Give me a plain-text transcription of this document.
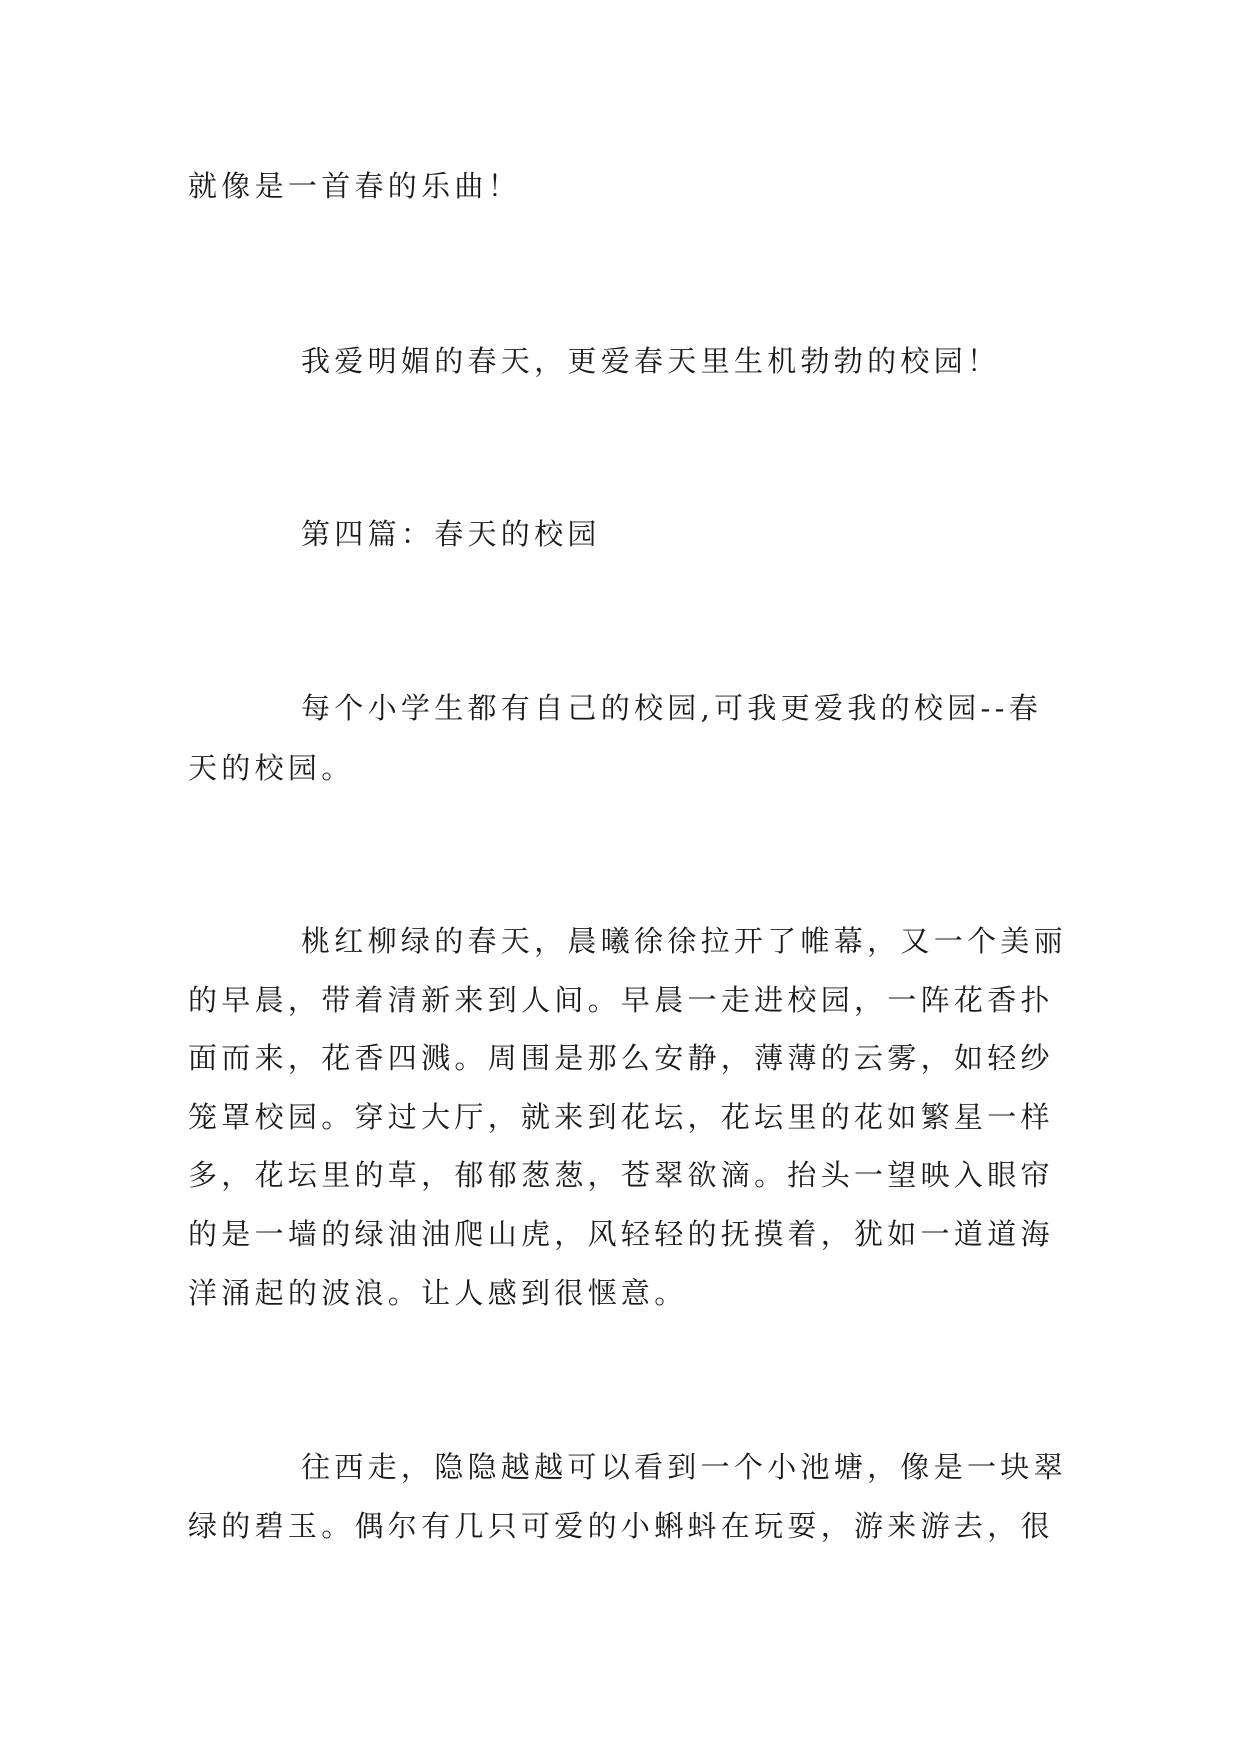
就像是一首春的乐曲！
我爱明媚的春天，更爱春天里生机勃勃的校园！
第四篇：春天的校园
每个小学生都有自己的校园,可我更爱我的校园--春
天的校园。
桃红柳绿的春天，晨曦徐徐拉开了帷幕，又一个美丽
的早晨，带着清新来到人间。早晨一走进校园，一阵花香扑
面而来，花香四溅。周围是那么安静，薄薄的云雾，如轻纱
笼罩校园。穿过大厅，就来到花坛，花坛里的花如繁星一样
多，花坛里的草，郁郁葱葱，苍翠欲滴。抬头一望映入眼帘
的是一墙的绿油油爬山虎，风轻轻的抚摸着，犹如一道道海
洋涌起的波浪。让人感到很惬意。
往西走，隐隐越越可以看到一个小池塘，像是一块翠
绿的碧玉。偶尔有几只可爱的小蝌蚪在玩耍，游来游去，很
